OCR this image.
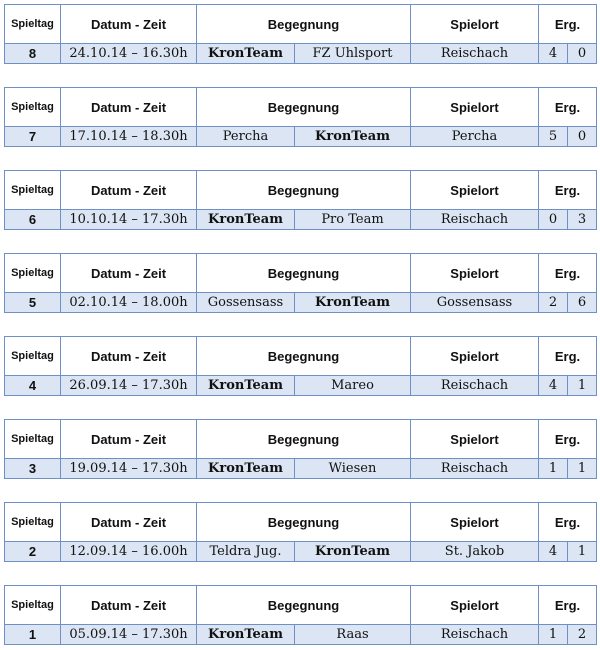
Spieltag	Datum - Zeit	Begegnung		Spielort	Erg.	
8	24.10.14 – 16.30h	KronTeam	FZ Uhlsport	Reischach	4	0
Spieltag	Datum - Zeit	Begegnung		Spielort	Erg.	
7	17.10.14 – 18.30h	Percha	KronTeam	Percha	5	0
Spieltag	Datum - Zeit	Begegnung		Spielort	Erg.	
6	10.10.14 – 17.30h	KronTeam	Pro Team	Reischach	0	3
Spieltag	Datum - Zeit	Begegnung		Spielort	Erg.	
5	02.10.14 – 18.00h	Gossensass	KronTeam	Gossensass	2	6
Spieltag	Datum - Zeit	Begegnung		Spielort	Erg.	
4	26.09.14 – 17.30h	KronTeam	Mareo	Reischach	4	1
Spieltag	Datum - Zeit	Begegnung		Spielort	Erg.	
3	19.09.14 – 17.30h	KronTeam	Wiesen	Reischach	1	1
Spieltag	Datum - Zeit	Begegnung		Spielort	Erg.	
2	12.09.14 – 16.00h	Teldra Jug.	KronTeam	St. Jakob	4	1
Spieltag	Datum - Zeit	Begegnung		Spielort	Erg.	
1	05.09.14 – 17.30h	KronTeam	Raas	Reischach	1	2
